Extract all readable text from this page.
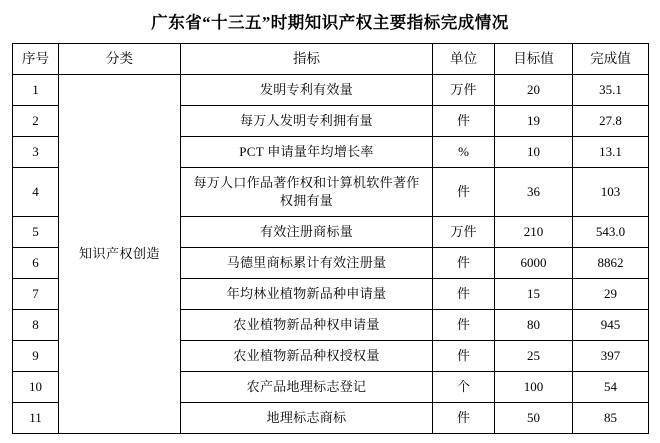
广东省“十三五”时期知识产权主要指标完成情况
序号	分类	指标	单位	目标值	完成值
1	知识产权创造	发明专利有效量	万件	20	35.1
2		每万人发明专利拥有量	件	19	27.8
3		PCT 申请量年均增长率	%	10	13.1
4		每万人口作品著作权和计算机软件著作权拥有量	件	36	103
5		有效注册商标量	万件	210	543.0
6		马德里商标累计有效注册量	件	6000	8862
7		年均林业植物新品种申请量	件	15	29
8		农业植物新品种权申请量	件	80	945
9		农业植物新品种权授权量	件	25	397
10		农产品地理标志登记	个	100	54
11		地理标志商标	件	50	85
